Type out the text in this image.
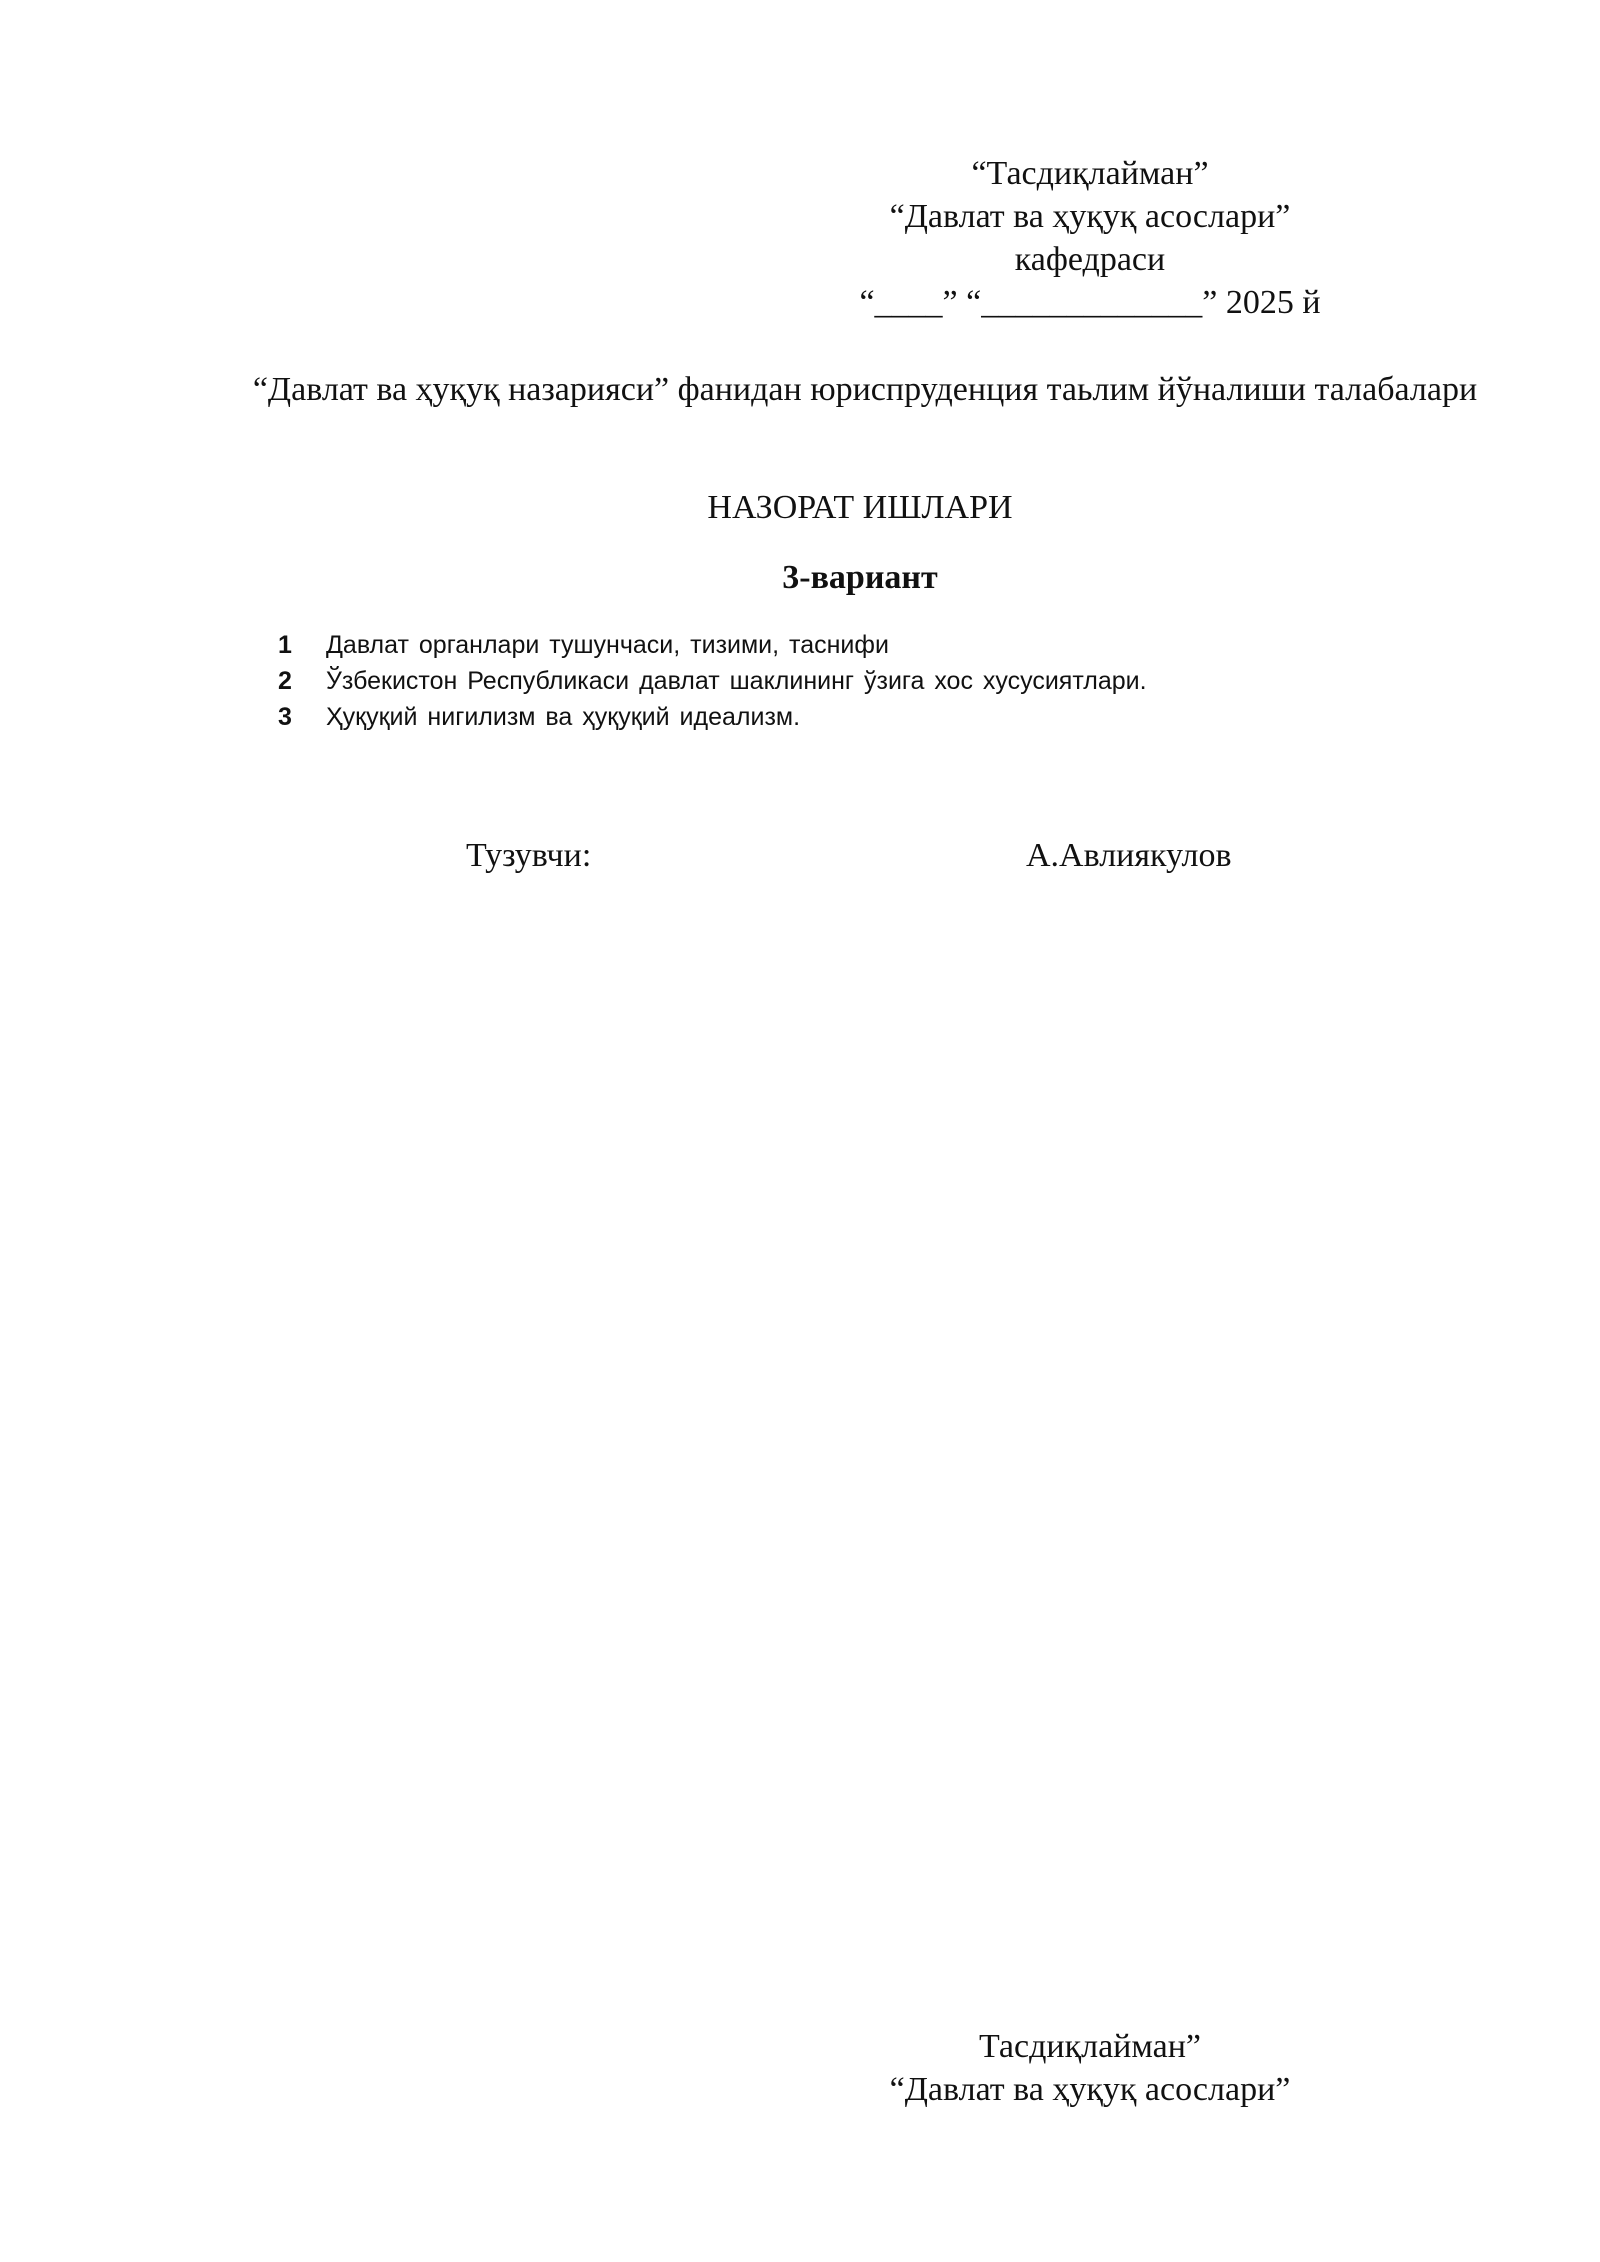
“Тасдиқлайман”
“Давлат ва ҳуқуқ асослари”
кафедраси
“____” “_____________” 2025 й
“Давлат ва ҳуқуқ назарияси” фанидан юриспруденция таьлим йўналиши талабалари
НАЗОРАТ ИШЛАРИ
3-вариант
1	Давлат органлари тушунчаси, тизими, таснифи
2	Ўзбекистон Республикаси давлат шаклининг ўзига хос хусусиятлари.
3	Ҳуқуқий нигилизм ва ҳуқуқий идеализм.
Тузувчи:	А.Авлиякулов
Тасдиқлайман”
“Давлат ва ҳуқуқ асослари”
